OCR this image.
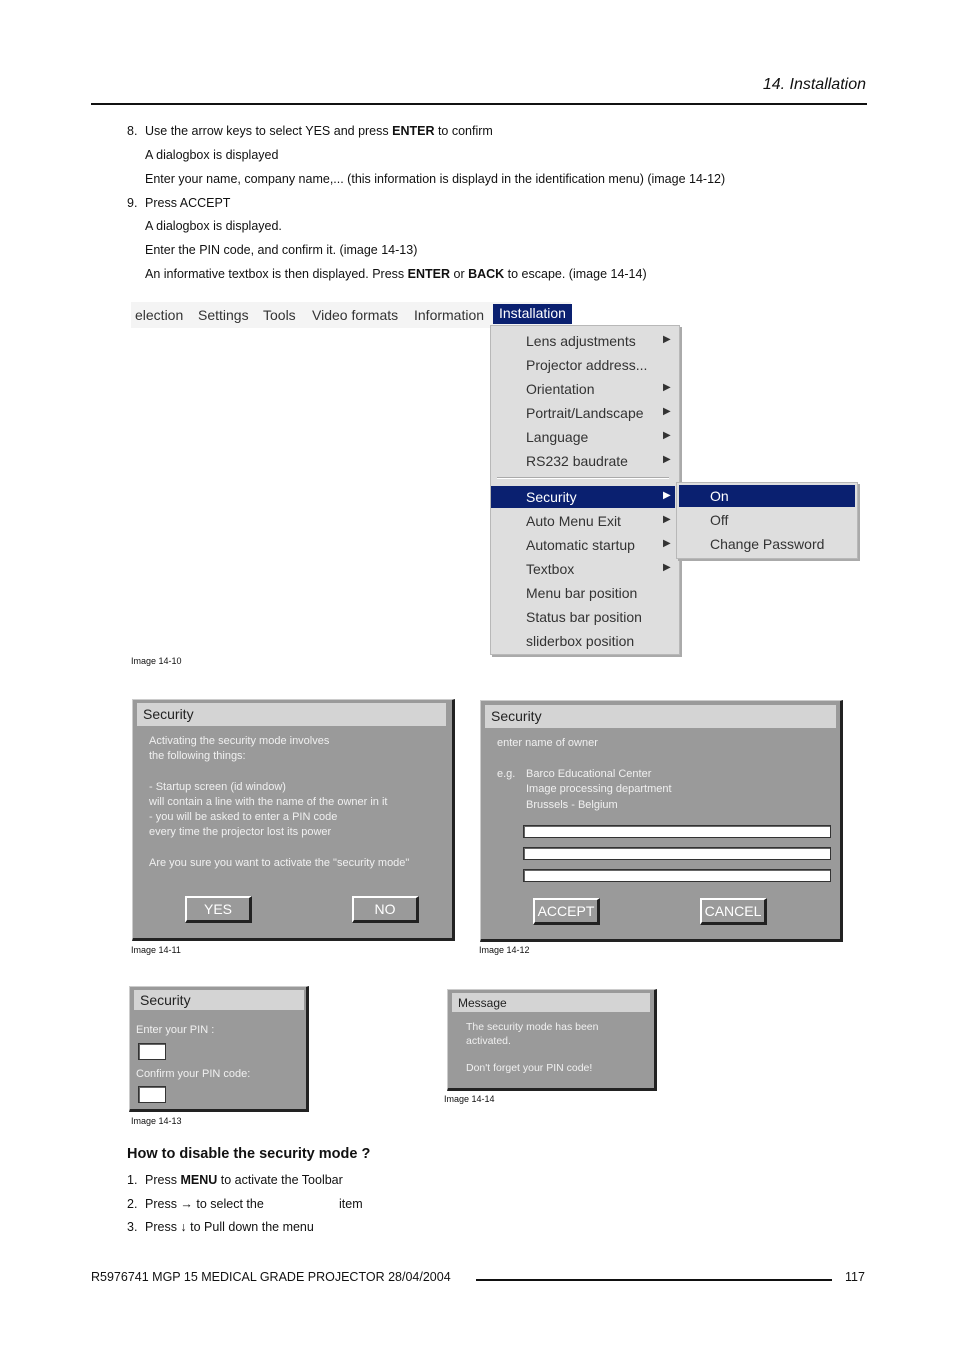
14. Installation
8. Use the arrow keys to select YES and press ENTER to confirm
A dialogbox is displayed
Enter your name, company name,... (this information is displayd in the identification menu) (image 14-12)
9. Press ACCEPT
A dialogbox is displayed.
Enter the PIN code, and confirm it. (image 14-13)
An informative textbox is then displayed. Press ENTER or BACK to escape. (image 14-14)
election Settings Tools Video formats Information	Installation
Lens adjustments	▶
Projector address...
Orientation	▶
Portrait/Landscape ▶
Language	▶
RS232 baudrate	▶
Security	▶
Auto Menu Exit	▶
Automatic startup	▶
Textbox	▶
Menu bar position
Status bar position
sliderbox position
On
Off
Change Password
Image 14-10
Security
Activating the security mode involves
the following things:
- Startup screen (id window)
will contain a line with the name of the owner in it
- you will be asked to enter a PIN code
every time the projector lost its power
Are you sure you want to activate the "security mode"
YES	NO
Image 14-11
Security
enter name of owner
e.g. Barco Educational Center
Image processing department
Brussels - Belgium
ACCEPT	CANCEL
Image 14-12
Security
Enter your PIN :
Confirm your PIN code:
Image 14-13
Message
The security mode has been
activated.
Don't forget your PIN code!
Image 14-14
How to disable the security mode ?
1. Press MENU to activate the Toolbar
2. Press → to select the	item
3. Press ↓ to Pull down the menu
R5976741 MGP 15 MEDICAL GRADE PROJECTOR 28/04/2004	117
